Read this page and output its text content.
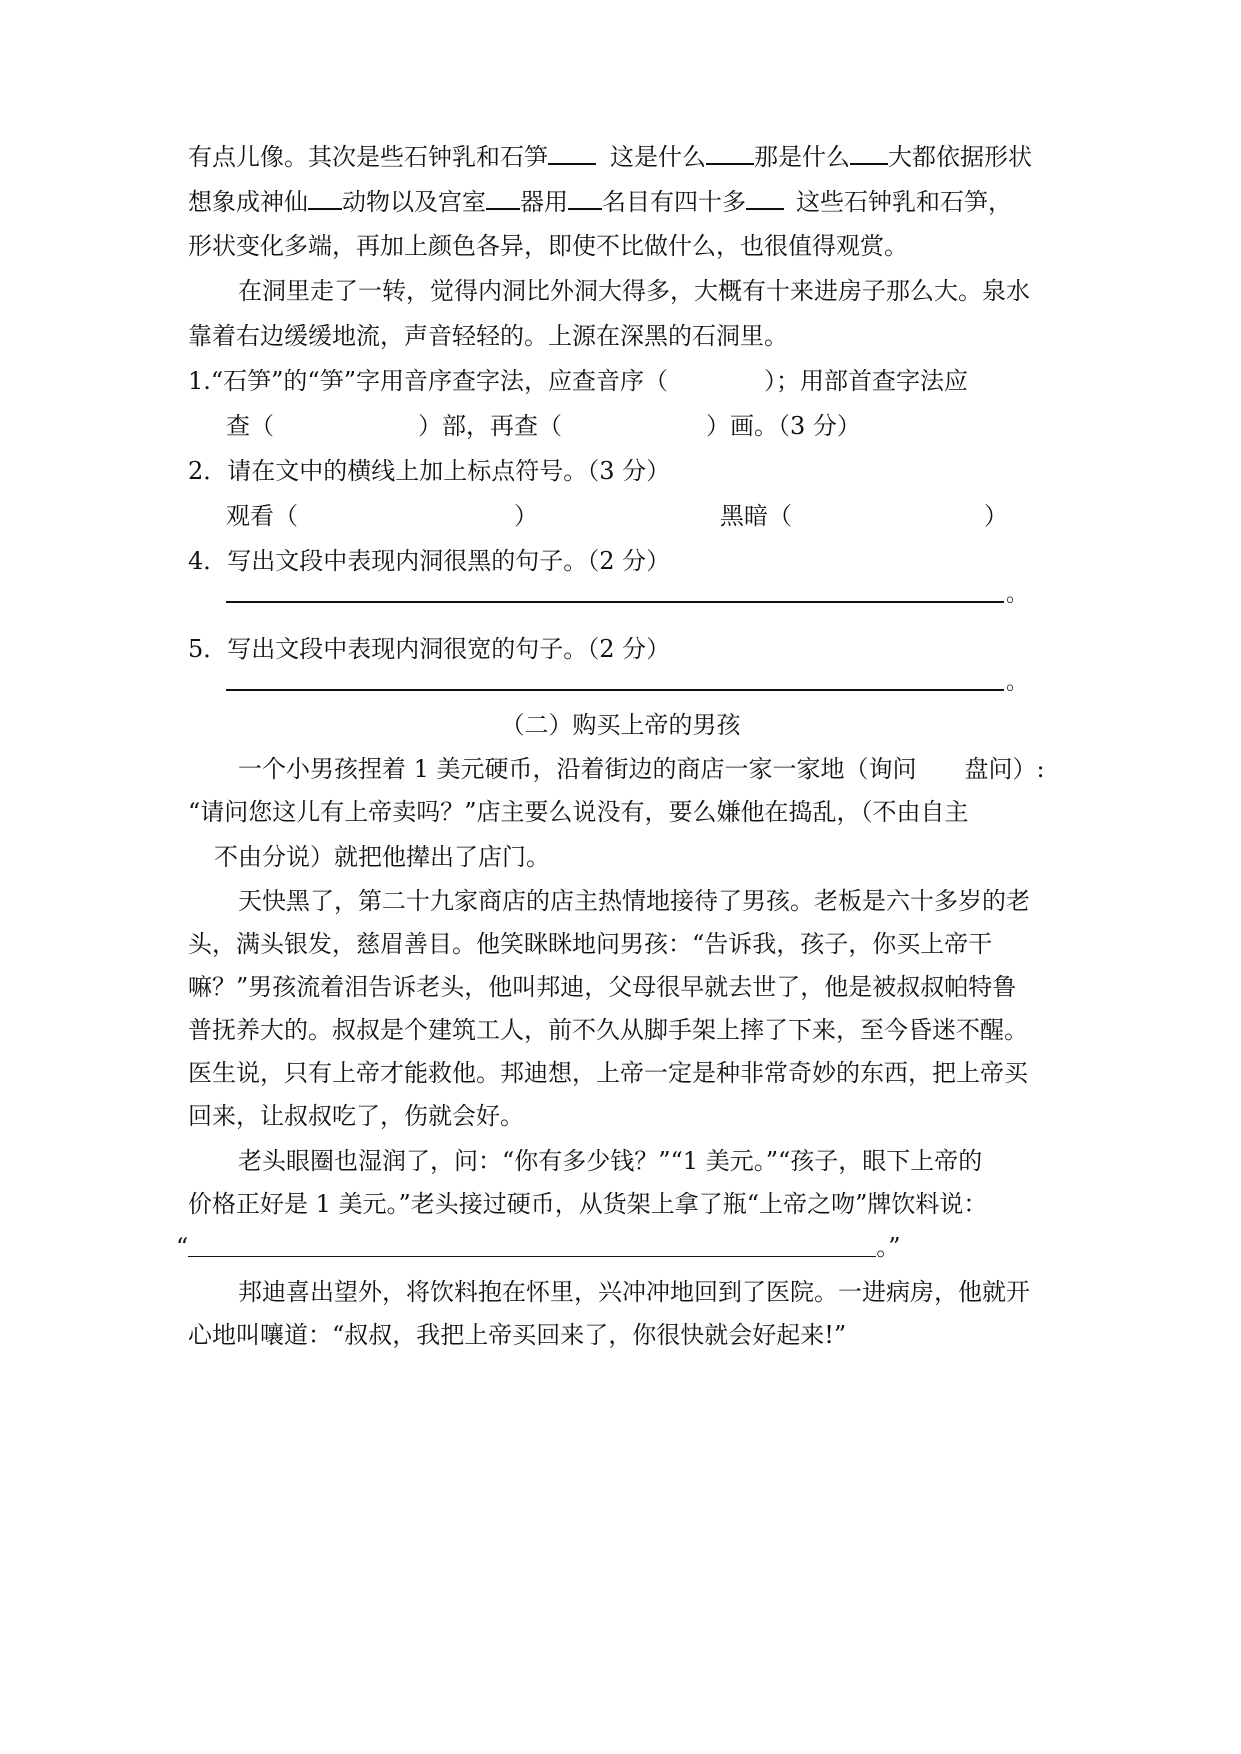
有点儿像。其次是些石钟乳和石笋	这是什么 那是什么 大都依据形状
想象成神仙 动物以及宫室 器用 名目有四十多 这些石钟乳和石笋，
形状变化多端，再加上颜色各异，即使不比做什么，也很值得观赏。
在洞里走了一转，觉得内洞比外洞大得多，大概有十来进房子那么大。泉水
靠着右边缓缓地流，声音轻轻的。上源在深黑的石洞里。
1.“石笋”的“笋”字用音序查字法，应查音序（　　　　）；用部首查字法应
查（　　　　　　）部，再查（　　　　　　）画。（3 分）
2．请在文中的横线上加上标点符号。（3 分）
观看（　　　　　　　　　）	黑暗（　　　　　　　　）
4．写出文段中表现内洞很黑的句子。（2 分）
。
5．写出文段中表现内洞很宽的句子。（2 分）
。
（二）购买上帝的男孩
一个小男孩捏着 1 美元硬币，沿着街边的商店一家一家地（询问　　盘问）:
“请问您这儿有上帝卖吗？”店主要么说没有，要么嫌他在捣乱，（不由自主
不由分说）就把他撵出了店门。
天快黑了，第二十九家商店的店主热情地接待了男孩。老板是六十多岁的老
头，满头银发，慈眉善目。他笑眯眯地问男孩：“告诉我，孩子，你买上帝干
嘛？”男孩流着泪告诉老头，他叫邦迪，父母很早就去世了，他是被叔叔帕特鲁
普抚养大的。叔叔是个建筑工人，前不久从脚手架上摔了下来，至今昏迷不醒。
医生说，只有上帝才能救他。邦迪想，上帝一定是种非常奇妙的东西，把上帝买
回来，让叔叔吃了，伤就会好。
老头眼圈也湿润了，问：“你有多少钱？”“1 美元。”“孩子，眼下上帝的
价格正好是 1 美元。”老头接过硬币，从货架上拿了瓶“上帝之吻”牌饮料说：
“	。”
邦迪喜出望外，将饮料抱在怀里，兴冲冲地回到了医院。一进病房，他就开
心地叫嚷道：“叔叔，我把上帝买回来了，你很快就会好起来!”
